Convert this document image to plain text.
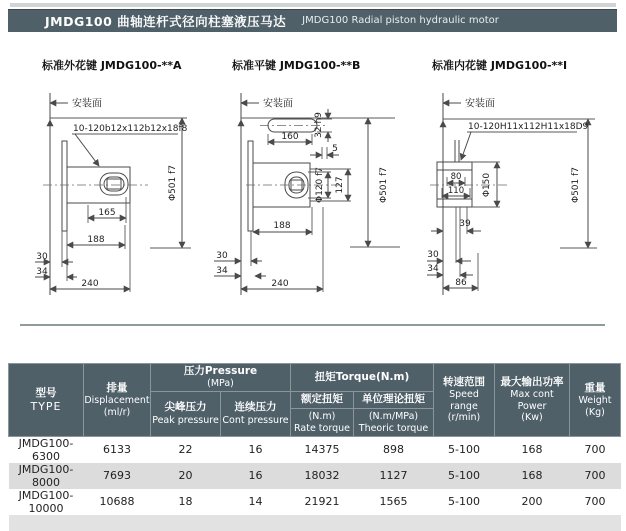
JMDG100 曲轴连杆式径向柱塞液压马达 JMDG100 Radial piston hydraulic motor
标准外花键 JMDG100-**A	标准平键 JMDG100-**B	标准内花键 JMDG100-**I
安装面
Φ501 f7
10-120b12x112b12x18f8
165
188
30
34
240
安装面
Φ501 f7
160 32 h9
5
Φ120 f7 127
188
30
34
240
安装面
Φ501 f7
10-120H11x112H11x18D9
80
110 Φ150
39
30
34
86
型号
TYPE

排量
Displacement
(ml/r)

压力Pressure
(MPa)

扭矩Torque(N.m)	转速范围
Speed range
(r/min)

最大输出功率
Max cont Power
(Kw)

重量
Weight
(Kg)

尖峰压力
Peak pressure

连续压力
Cont pressure

额定扭矩
(N.m)
Rate torque

单位理论扭矩
(N.m/MPa)
Theoric torque

JMDG100-6300	6133	22	16	14375	898	5-100	168	700
JMDG100-8000	7693	20	16	18032	1127	5-100	168	700
JMDG100-10000	10688	18	14	21921	1565	5-100	200	700
